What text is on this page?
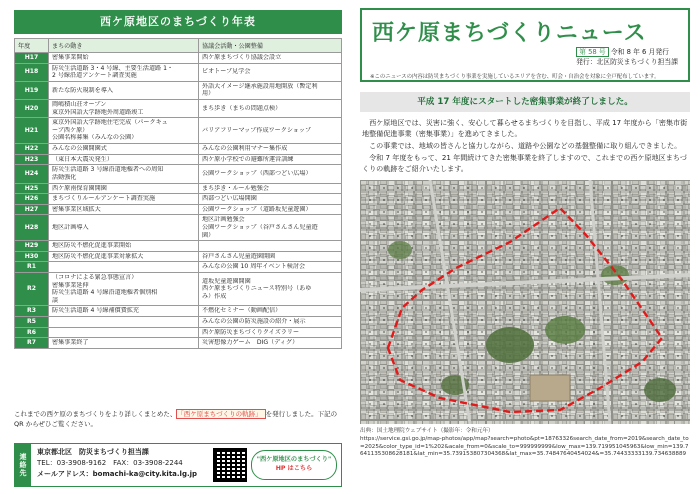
西ケ原地区のまちづくり年表
年度	まちの動き	協議会活動・公園整備
H17	密集事業開始	西ケ原まちづくり協議会設立

H18	防災生活道路 3・4 号線、主要生活道路 1・
2 号線沿道アンケート調査実施	ビオトープ見学会

H19	新たな防火規制を導入	外語大イメージ継承施設用地開放（暫定利
用）

H20	岡嶋積山荘オープン
東京外国語大学跡地外周道路竣工	まち歩き（まちの問題点検）

H21	東京外国語大学跡地住宅完成（パークキュ
ーブ西ケ原）
公園名称募集（みんなの公園）	バリアフリーマップ作成ワークショップ

H22	みんなの公園開園式	みんなの公園利用マナー集作成

H23	（東日本大震災発生）	西ケ原小学校での避難所運営訓練

H24	防災生活道路 3 号線沿道地権者への周知
活動強化	公園ワークショップ（西部つどい広場）

H25	西ケ原南保育園開園	まち歩き・ルール勉強会

H26	まちづくりルールアンケート調査実施	西部つどい広場開園

H27	密集事業区域拡大	公園ワークショップ（道路坂児童遊園）

H28	地区計画導入	地区計画勉強会
公園ワークショップ（谷戸さんさん児童遊
園）

H29	地区防災不燃化促進事業開始	

H30	地区防災不燃化促進事業対象拡大	谷戸さんさん児童遊園開園

R1		みんなの公園 10 周年イベント検討会

R2	（コロナによる緊急事態宣言）
密集事業延伸
防災生活道路 4 号線沿道地権者個別相
談	道坂児童遊園開園
西ケ原まちづくりニュース特別号（あゆ
み）作成

R3	防災生活道路 4 号線補償費拡充	不燃化セミナー（動画配信）

R5		みんなの公園の防災施設の紹介・展示

R6		西ケ原防災まちづくりクイズラリー

R7	密集事業終了	災害想像力ゲーム　DIG（ディグ）
これまでの西ケ原のまちづくりをより詳しくまとめた、 「西ケ原まちづくりの軌跡」 を発行しました。下記の QR からぜひご覧ください。
連絡先
東京都北区　防災まちづくり担当課
TEL：03-3908-9162　FAX：03-3908-2244
メールアドレス：bomachi-ka@city.kita.lg.jp
"西ケ原地区のまちづくり"
HP はこちら
西ケ原まちづくりニュース
第 58 号 令和 8 年 6 月発行
発行：北区防災まちづくり担当課
※このニュースの内容は防災まちづくり事業を実施しているエリアを含む、町会・自治会を対象に全戸配布しています。
平成 17 年度にスタートした密集事業が終了しました。

西ケ原地区では、災害に強く、安心して暮らせるまちづくりを目指し、平成 17 年度から「密集市街地整備促進事業（密集事業）」を進めてきました。

この事業では、地域の皆さんと協力しながら、道路や公園などの基盤整備に取り組んできました。

令和 7 年度をもって、21 年間続けてきた密集事業を終了しますので、これまでの西ケ原地区まちづくりの軌跡をご紹介いたします。

出典：国土地理院ウェブサイト（撮影年：令和元年）
https://service.gsi.go.jp/map-photos/app/map?search=photo&pt=18763326search_date_from=2019&search_date_to=2025&color_type_id=1%202&acale_from=0&scale_to=999999999&low_max=139.719951045963&low_min=139.7641135308628181&lat_min=35.739153807304368&lat_max=35.74847640454024&=35.74433333139.734638889
